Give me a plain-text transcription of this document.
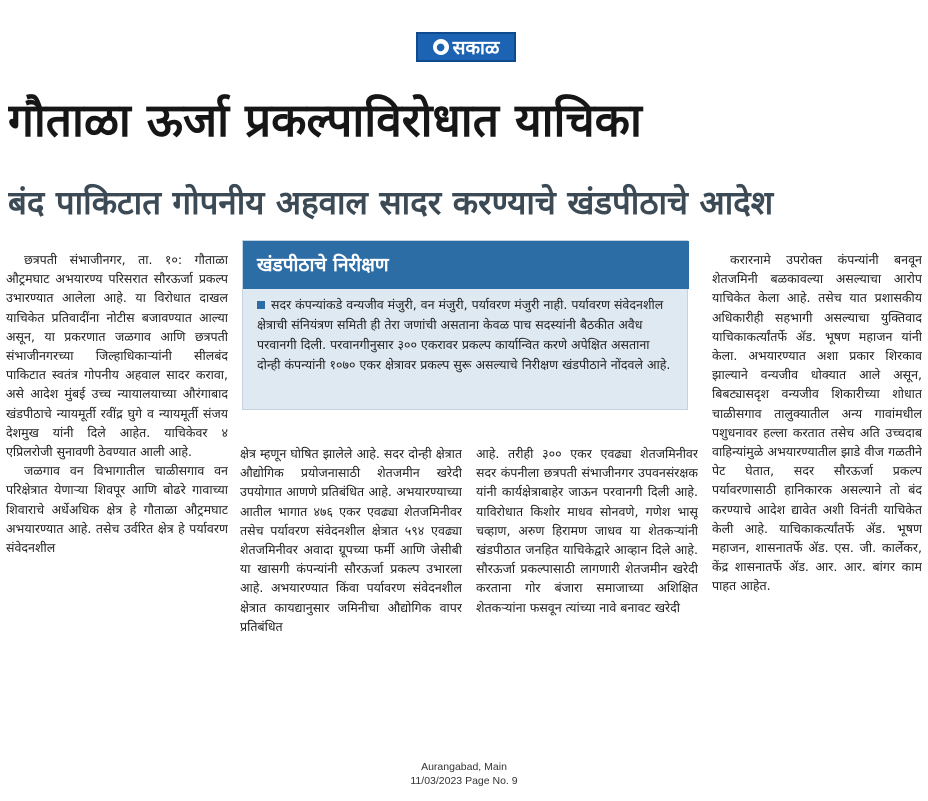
● सकाळ
गौताळा ऊर्जा प्रकल्पाविरोधात याचिका
बंद पाकिटात गोपनीय अहवाल सादर करण्याचे खंडपीठाचे आदेश

छत्रपती संभाजीनगर, ता. १०: गौताळा औट्रमघाट अभयारण्य परिसरात सौरऊर्जा प्रकल्प उभारण्यात आलेला आहे. या विरोधात दाखल याचिकेत प्रतिवादींना नोटीस बजावण्यात आल्या असून, या प्रकरणात जळगाव आणि छत्रपती संभाजीनगरच्या जिल्हाधिकाऱ्यांनी सीलबंद पाकिटात स्वतंत्र गोपनीय अहवाल सादर करावा, असे आदेश मुंबई उच्च न्यायालयाच्या औरंगाबाद खंडपीठाचे न्यायमूर्ती रवींद्र घुगे व न्यायमूर्ती संजय देशमुख यांनी दिले आहेत. याचिकेवर ४ एप्रिलरोजी सुनावणी ठेवण्यात आली आहे.

जळगाव वन विभागातील चाळीसगाव वन परिक्षेत्रात येणाऱ्या शिवपूर आणि बोढरे गावाच्या शिवाराचे अर्धेअधिक क्षेत्र हे गौताळा औट्रमघाट अभयारण्यात आहे. तसेच उर्वरित क्षेत्र हे पर्यावरण संवेदनशील

खंडपीठाचे निरीक्षण
सदर कंपन्यांकडे वन्यजीव मंजुरी, वन मंजुरी, पर्यावरण मंजुरी नाही. पर्यावरण संवेदनशील क्षेत्राची संनियंत्रण समिती ही तेरा जणांची असताना केवळ पाच सदस्यांनी बैठकीत अवैध परवानगी दिली. परवानगीनुसार ३०० एकरावर प्रकल्प कार्यान्वित करणे अपेक्षित असताना दोन्ही कंपन्यांनी १०७० एकर क्षेत्रावर प्रकल्प सुरू असल्याचे निरीक्षण खंडपीठाने नोंदवले आहे.

क्षेत्र म्हणून घोषित झालेले आहे. सदर दोन्ही क्षेत्रात औद्योगिक प्रयोजनासाठी शेतजमीन खरेदी उपयोगात आणणे प्रतिबंधित आहे. अभयारण्याच्या आतील भागात ४७६ एकर एवढ्या शेतजमिनीवर तसेच पर्यावरण संवेदनशील क्षेत्रात ५९४ एवढ्या शेतजमिनीवर अवादा ग्रूपच्या फर्मी आणि जेसीबी या खासगी कंपन्यांनी सौरऊर्जा प्रकल्प उभारला आहे. अभयारण्यात किंवा पर्यावरण संवेदनशील क्षेत्रात कायद्यानुसार जमिनीचा औद्योगिक वापर प्रतिबंधित

आहे. तरीही ३०० एकर एवढ्या शेतजमिनीवर सदर कंपनीला छत्रपती संभाजीनगर उपवनसंरक्षक यांनी कार्यक्षेत्राबाहेर जाऊन परवानगी दिली आहे. याविरोधात किशोर माधव सोनवणे, गणेश भासू चव्हाण, अरुण हिरामण जाधव या शेतकऱ्यांनी खंडपीठात जनहित याचिकेद्वारे आव्हान दिले आहे. सौरऊर्जा प्रकल्पासाठी लागणारी शेतजमीन खरेदी करताना गोर बंजारा समाजाच्या अशिक्षित शेतकऱ्यांना फसवून त्यांच्या नावे बनावट खरेदी

करारनामे उपरोक्त कंपन्यांनी बनवून शेतजमिनी बळकावल्या असल्याचा आरोप याचिकेत केला आहे. तसेच यात प्रशासकीय अधिकारीही सहभागी असल्याचा युक्तिवाद याचिकाकर्त्यांतर्फे ॲड. भूषण महाजन यांनी केला. अभयारण्यात अशा प्रकार शिरकाव झाल्याने वन्यजीव धोक्यात आले असून, बिबट्यासदृश वन्यजीव शिकारीच्या शोधात चाळीसगाव तालुक्यातील अन्य गावांमधील पशुधनावर हल्ला करतात तसेच अति उच्चदाब वाहिन्यांमुळे अभयारण्यातील झाडे वीज गळतीने पेट घेतात, सदर सौरऊर्जा प्रकल्प पर्यावरणासाठी हानिकारक असल्याने तो बंद करण्याचे आदेश द्यावेत अशी विनंती याचिकेत केली आहे. याचिकाकर्त्यांतर्फे ॲड. भूषण महाजन, शासनातर्फे ॲड. एस. जी. कार्लेकर, केंद्र शासनातर्फे ॲड. आर. आर. बांगर काम पाहत आहेत.

Aurangabad, Main
11/03/2023 Page No. 9
